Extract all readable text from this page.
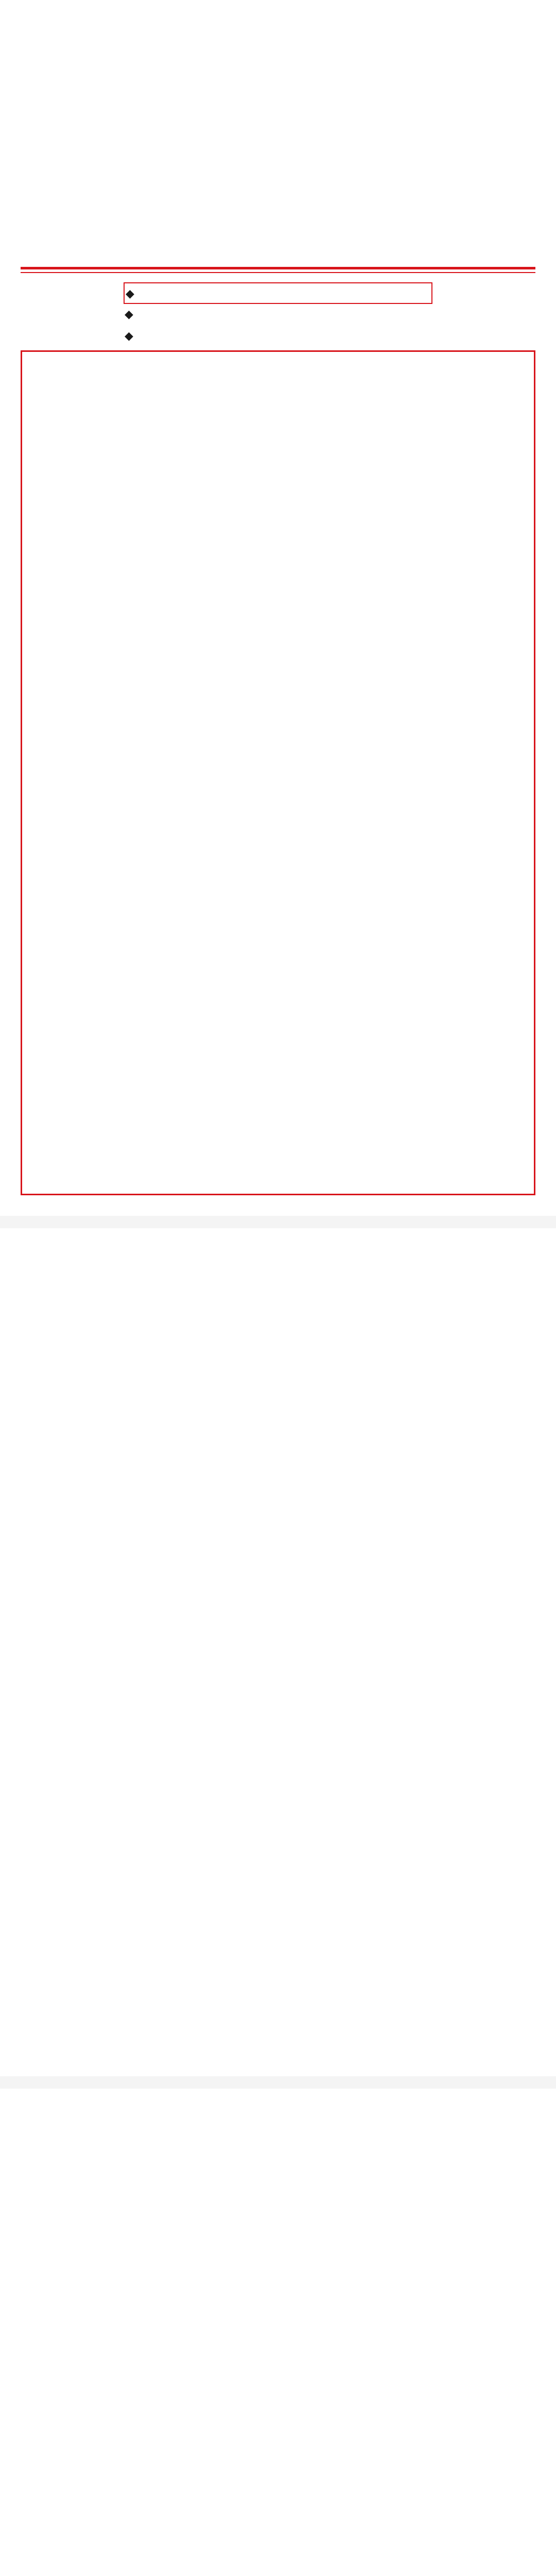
◆
◆
◆
